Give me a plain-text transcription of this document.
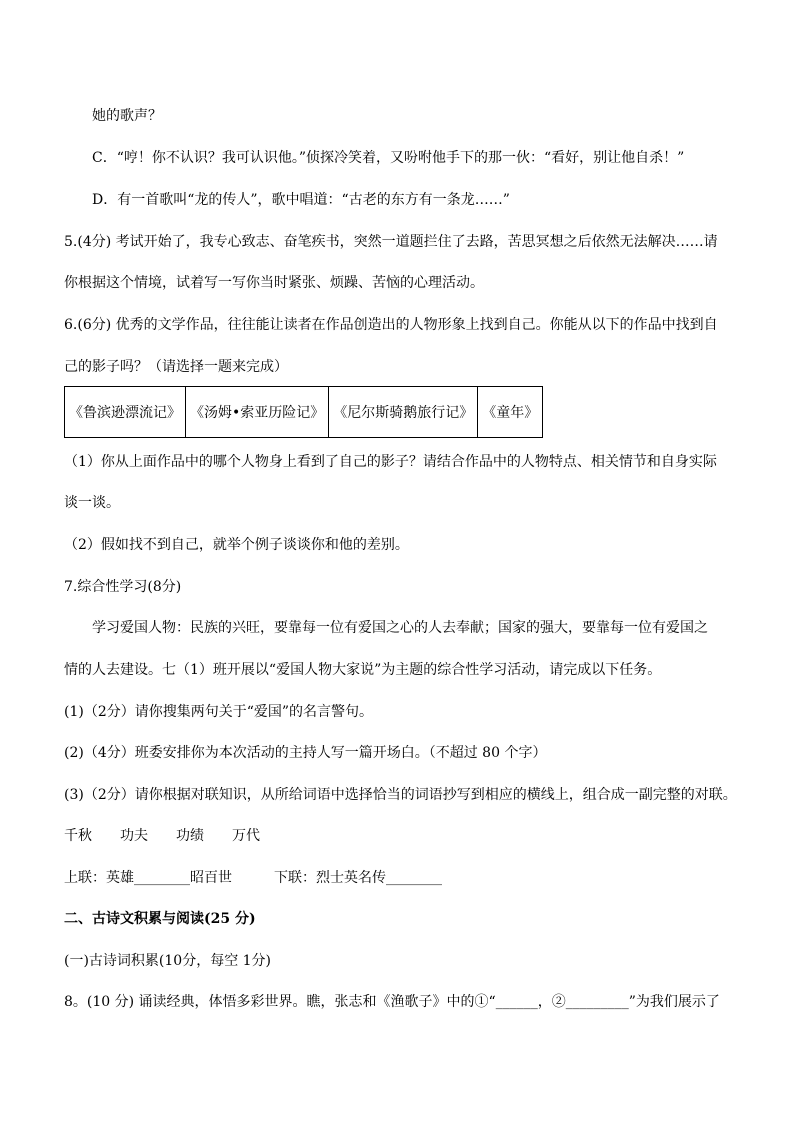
她的歌声？
C．“哼！你不认识？我可认识他。”侦探冷笑着，又吩咐他手下的那一伙：“看好，别让他自杀！”
D．有一首歌叫“龙的传人”，歌中唱道：“古老的东方有一条龙……”
5.(4分) 考试开始了，我专心致志、奋笔疾书，突然一道题拦住了去路，苦思冥想之后依然无法解决……请
你根据这个情境，试着写一写你当时紧张、烦躁、苦恼的心理活动。
6.(6分) 优秀的文学作品，往往能让读者在作品创造出的人物形象上找到自己。你能从以下的作品中找到自
己的影子吗？（请选择一题来完成）
《鲁滨逊漂流记》	《汤姆•索亚历险记》	《尼尔斯骑鹅旅行记》	《童年》
（1）你从上面作品中的哪个人物身上看到了自己的影子？请结合作品中的人物特点、相关情节和自身实际
谈一谈。
（2）假如找不到自己，就举个例子谈谈你和他的差别。
7.综合性学习(8分)
学习爱国人物：民族的兴旺，要靠每一位有爱国之心的人去奉献；国家的强大，要靠每一位有爱国之
情的人去建设。七（1）班开展以“爱国人物大家说”为主题的综合性学习活动，请完成以下任务。
(1)（2分）请你搜集两句关于“爱国”的名言警句。
(2)（4分）班委安排你为本次活动的主持人写一篇开场白。（不超过 80 个字）
(3)（2分）请你根据对联知识，从所给词语中选择恰当的词语抄写到相应的横线上，组合成一副完整的对联。
千秋　　功夫　　功绩　　万代
上联：英雄________昭百世　　　下联：烈士英名传________
二、古诗文积累与阅读(25 分)
(一)古诗词积累(10分，每空 1分)
8。(10 分) 诵读经典，体悟多彩世界。瞧，张志和《渔歌子》中的①“______，②_________”为我们展示了
